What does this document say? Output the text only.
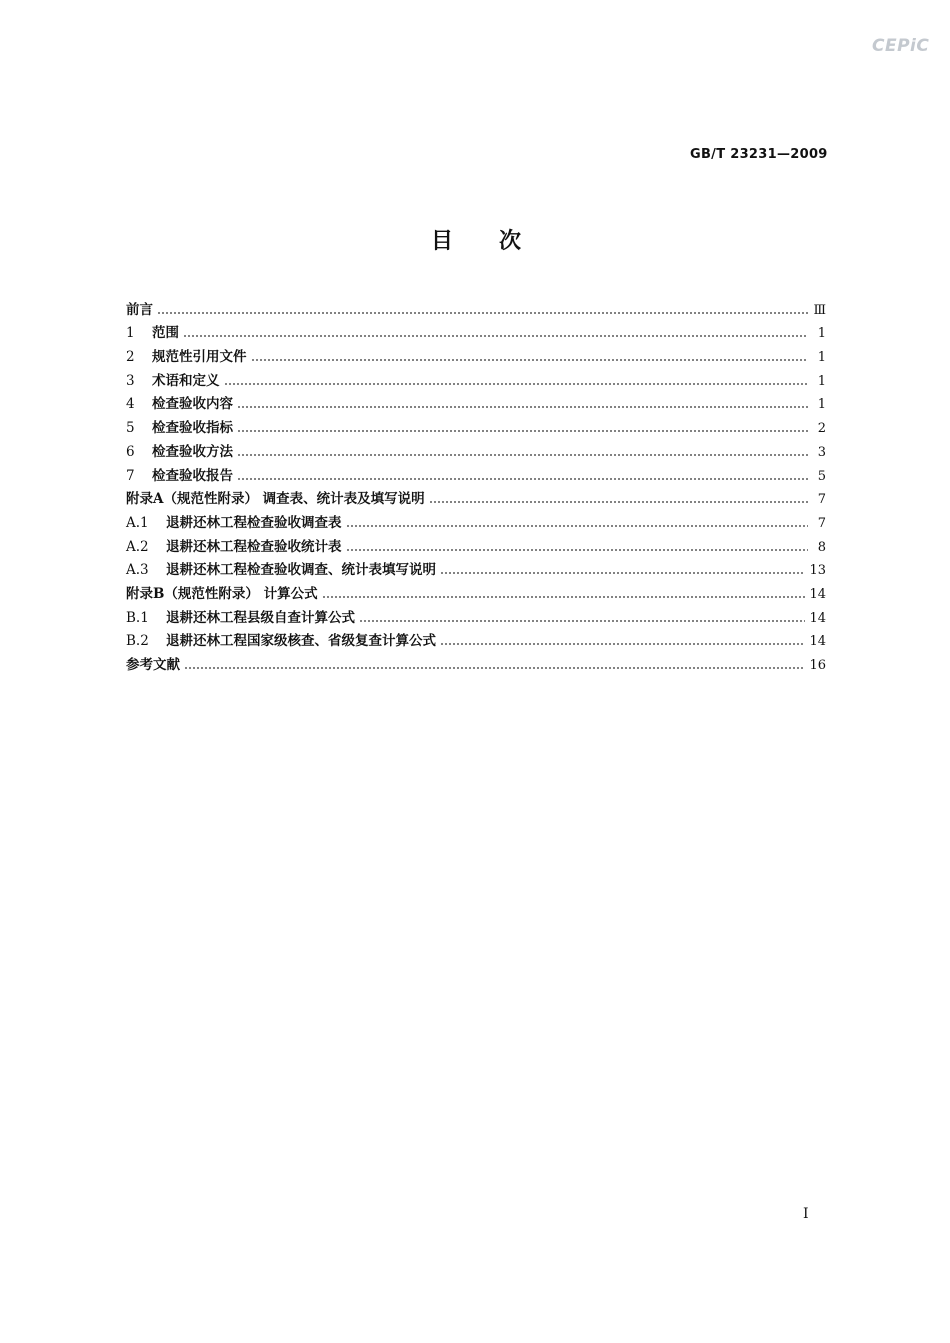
CEPiC
GB/T 23231—2009
目次
前言	Ⅲ
1 范围	1
2 规范性引用文件	1
3 术语和定义	1
4 检查验收内容	1
5 检查验收指标	2
6 检查验收方法	3
7 检查验收报告	5
附录A（规范性附录） 调查表、统计表及填写说明	7
A.1 退耕还林工程检查验收调查表	7
A.2 退耕还林工程检查验收统计表	8
A.3 退耕还林工程检查验收调查、统计表填写说明	13
附录B（规范性附录） 计算公式	14
B.1 退耕还林工程县级自查计算公式	14
B.2 退耕还林工程国家级核查、省级复查计算公式	14
参考文献	16
I
